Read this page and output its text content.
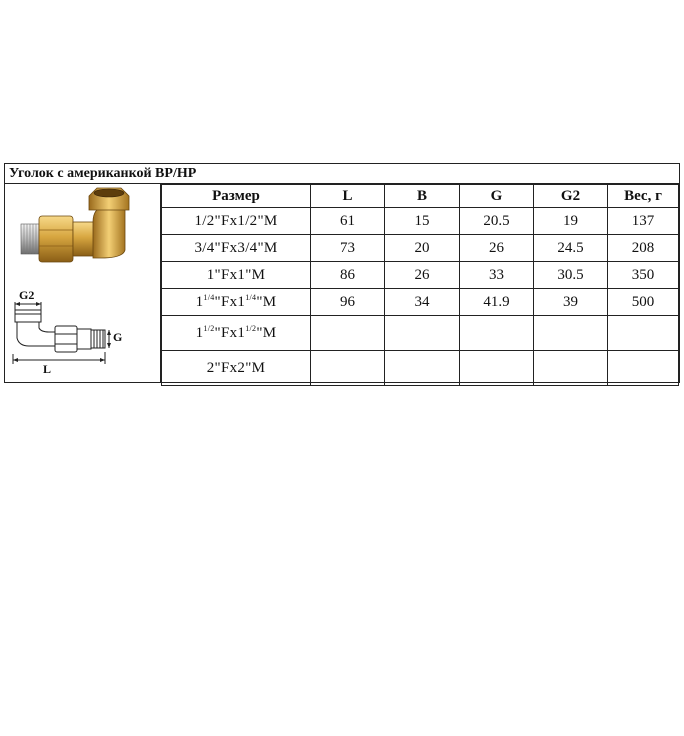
Уголок с американкой ВР/НР
G2
G
L
Размер	L	B	G	G2	Вес, г
1/2"Fx1/2"M	61	15	20.5	19	137
3/4"Fx3/4"M	73	20	26	24.5	208
1"Fx1"M	86	26	33	30.5	350
$1^{1/4}"Fx1^{1/4}"M$	96	34	41.9	39	500
$1^{1/2}"Fx1^{1/2}"M$					
2"Fx2"M					
